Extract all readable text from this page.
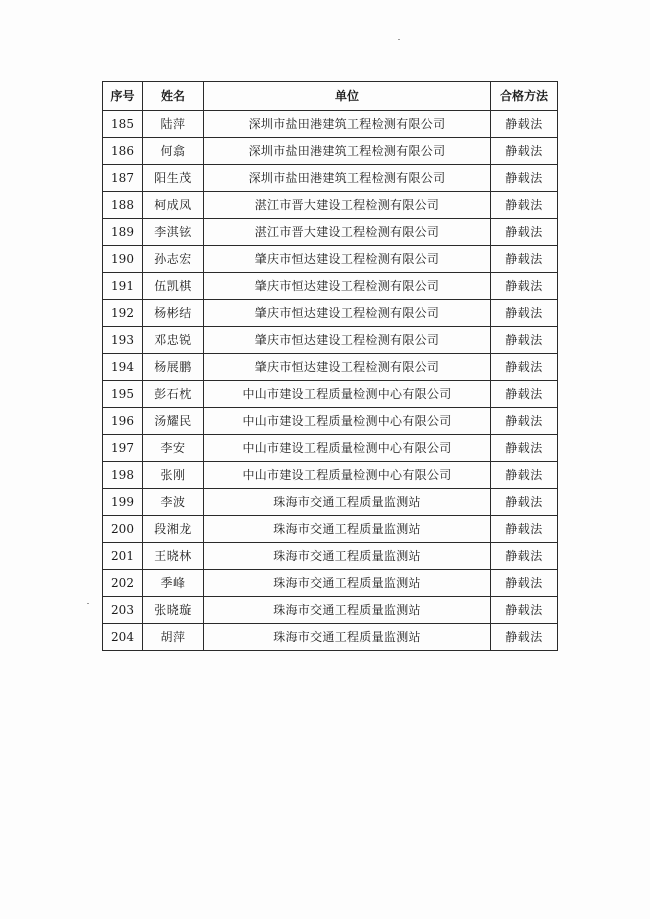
序号	姓名	单位	合格方法
185	陆萍	深圳市盐田港建筑工程检测有限公司	静载法
186	何翕	深圳市盐田港建筑工程检测有限公司	静载法
187	阳生茂	深圳市盐田港建筑工程检测有限公司	静载法
188	柯成凤	湛江市晋大建设工程检测有限公司	静载法
189	李淇铉	湛江市晋大建设工程检测有限公司	静载法
190	孙志宏	肇庆市恒达建设工程检测有限公司	静载法
191	伍凯棋	肇庆市恒达建设工程检测有限公司	静载法
192	杨彬结	肇庆市恒达建设工程检测有限公司	静载法
193	邓忠锐	肇庆市恒达建设工程检测有限公司	静载法
194	杨展鹏	肇庆市恒达建设工程检测有限公司	静载法
195	彭石枕	中山市建设工程质量检测中心有限公司	静载法
196	汤耀民	中山市建设工程质量检测中心有限公司	静载法
197	李安	中山市建设工程质量检测中心有限公司	静载法
198	张刚	中山市建设工程质量检测中心有限公司	静载法
199	李波	珠海市交通工程质量监测站	静载法
200	段湘龙	珠海市交通工程质量监测站	静载法
201	王晓林	珠海市交通工程质量监测站	静载法
202	季峰	珠海市交通工程质量监测站	静载法
203	张晓璇	珠海市交通工程质量监测站	静载法
204	胡萍	珠海市交通工程质量监测站	静载法
